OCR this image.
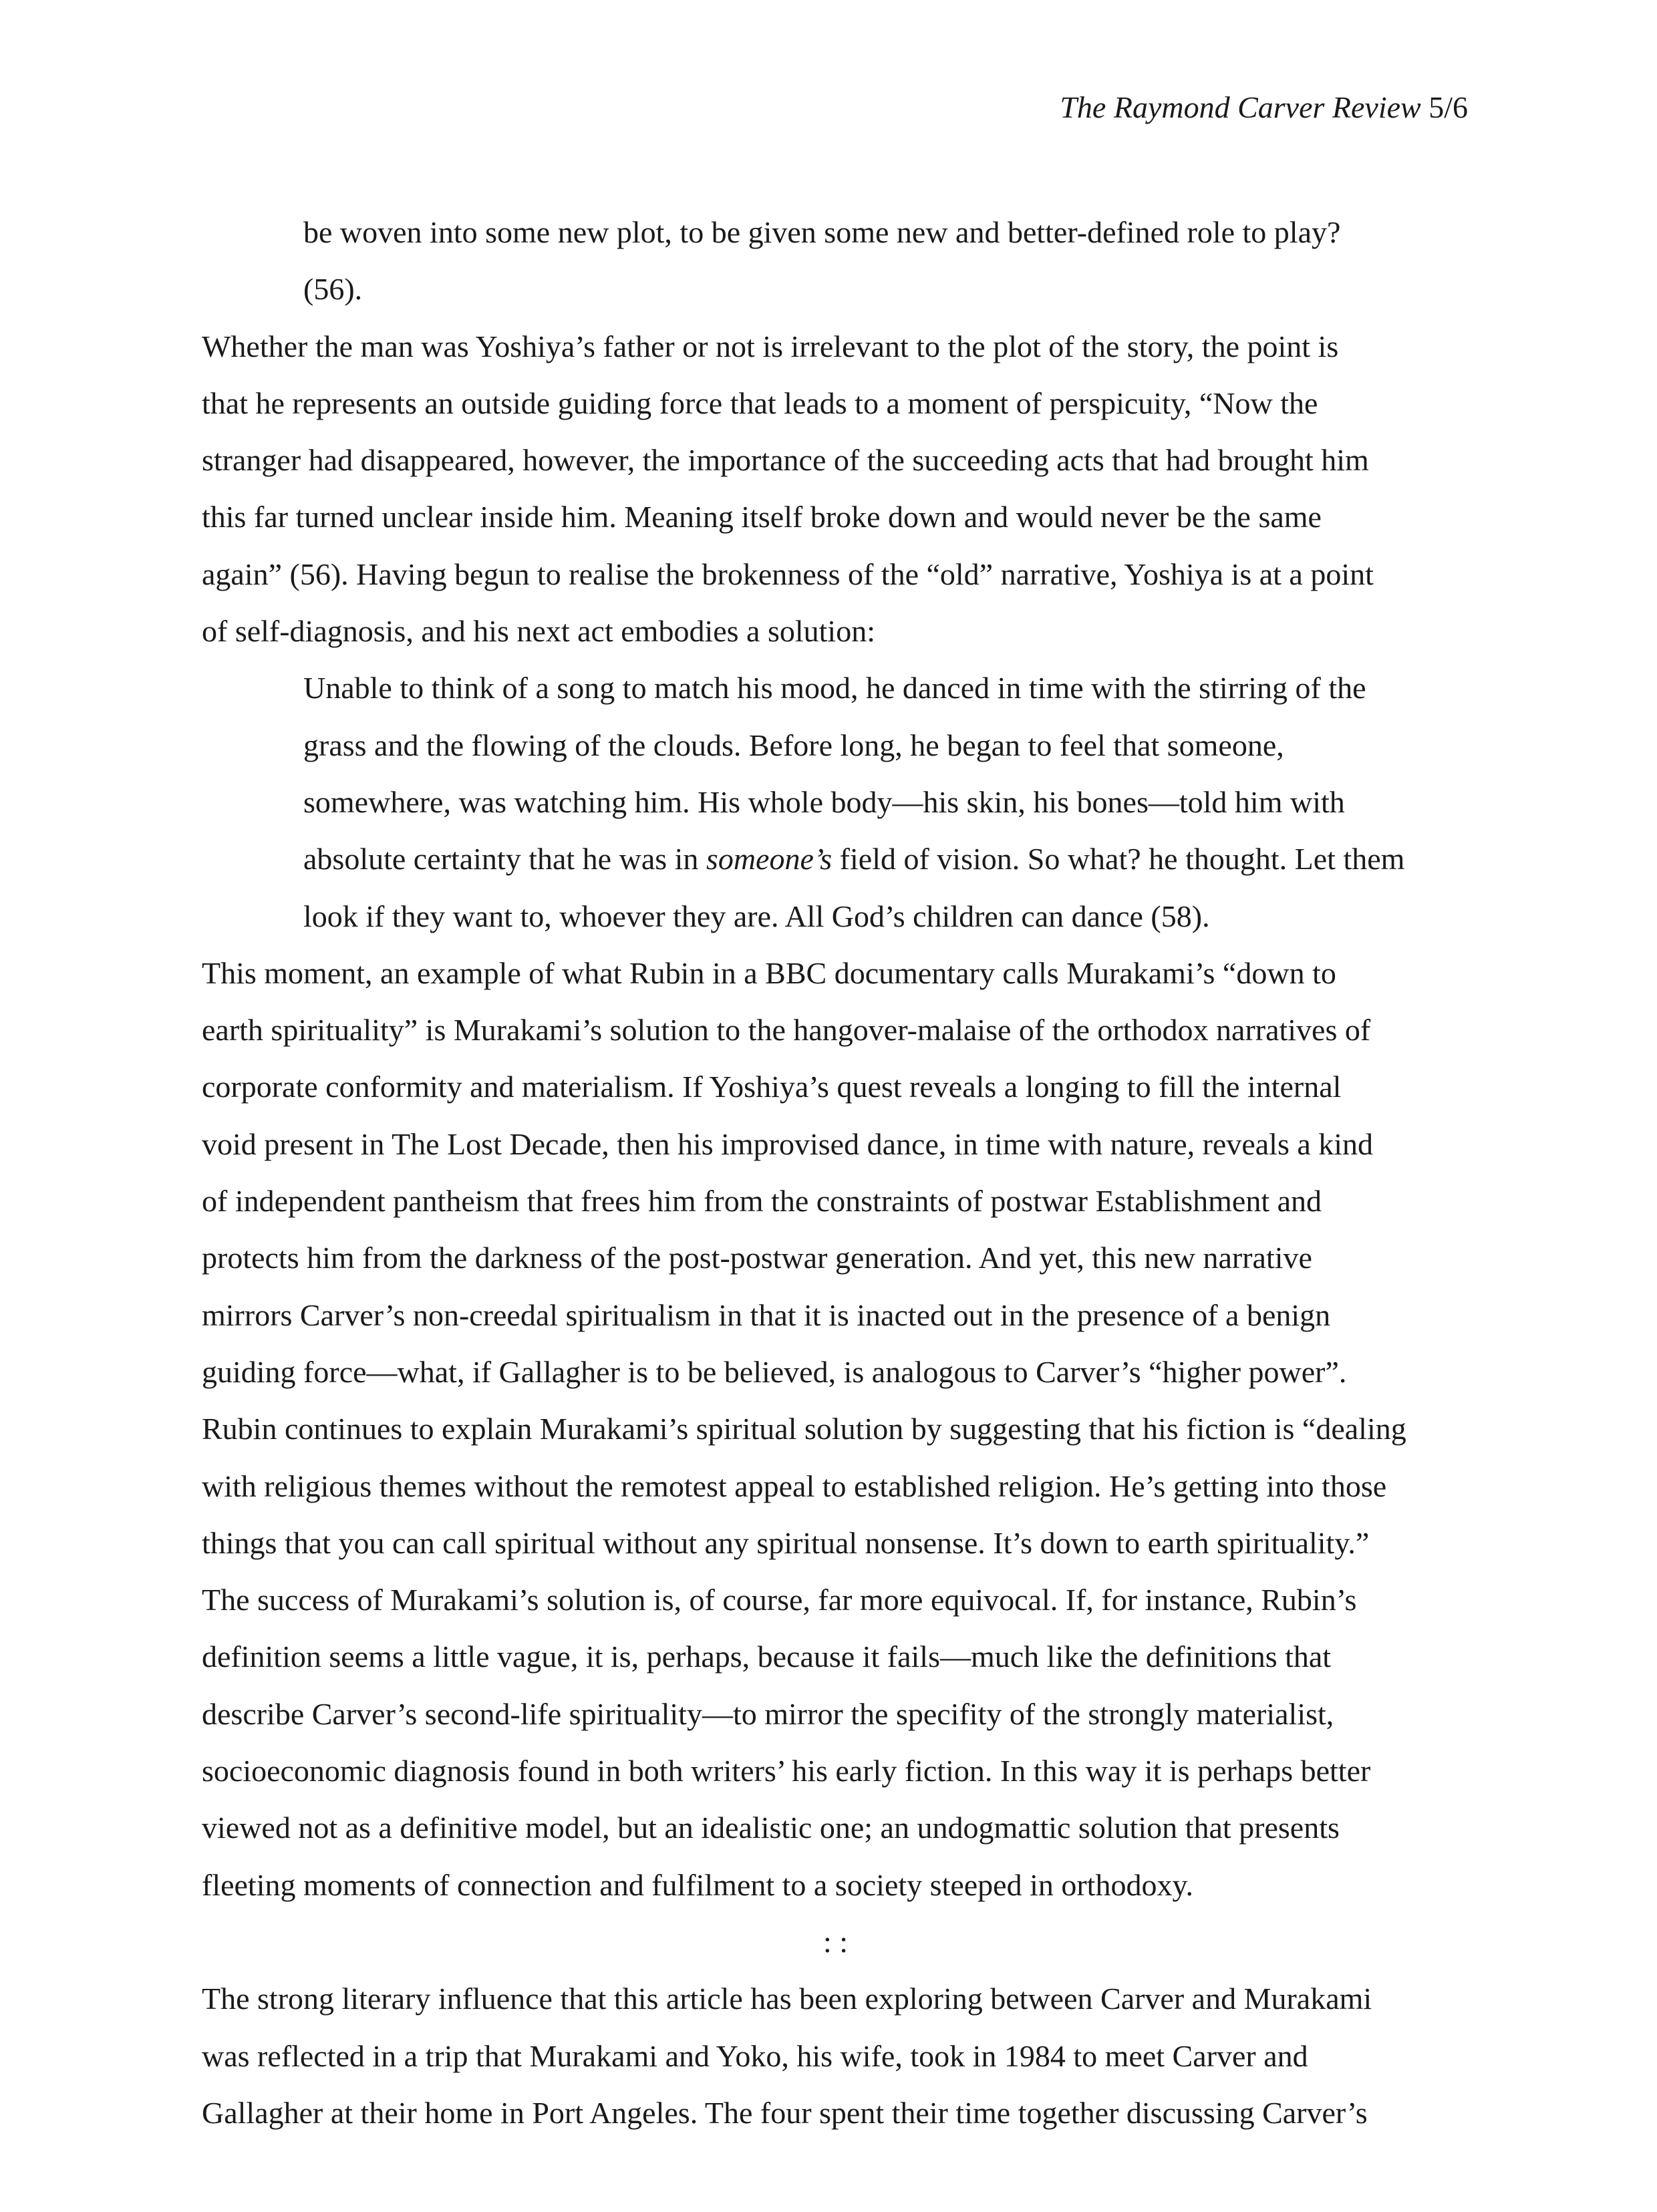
The Raymond Carver Review 5/6
be woven into some new plot, to be given some new and better-defined role to play?
(56).
Whether the man was Yoshiya’s father or not is irrelevant to the plot of the story, the point is
that he represents an outside guiding force that leads to a moment of perspicuity, “Now the
stranger had disappeared, however, the importance of the succeeding acts that had brought him
this far turned unclear inside him. Meaning itself broke down and would never be the same
again” (56). Having begun to realise the brokenness of the “old” narrative, Yoshiya is at a point
of self-diagnosis, and his next act embodies a solution:
Unable to think of a song to match his mood, he danced in time with the stirring of the
grass and the flowing of the clouds. Before long, he began to feel that someone,
somewhere, was watching him. His whole body—his skin, his bones—told him with
absolute certainty that he was in someone’s field of vision. So what? he thought. Let them
look if they want to, whoever they are. All God’s children can dance (58).
This moment, an example of what Rubin in a BBC documentary calls Murakami’s “down to
earth spirituality” is Murakami’s solution to the hangover-malaise of the orthodox narratives of
corporate conformity and materialism. If Yoshiya’s quest reveals a longing to fill the internal
void present in The Lost Decade, then his improvised dance, in time with nature, reveals a kind
of independent pantheism that frees him from the constraints of postwar Establishment and
protects him from the darkness of the post-postwar generation. And yet, this new narrative
mirrors Carver’s non-creedal spiritualism in that it is inacted out in the presence of a benign
guiding force—what, if Gallagher is to be believed, is analogous to Carver’s “higher power”.
Rubin continues to explain Murakami’s spiritual solution by suggesting that his fiction is “dealing
with religious themes without the remotest appeal to established religion. He’s getting into those
things that you can call spiritual without any spiritual nonsense. It’s down to earth spirituality.”
The success of Murakami’s solution is, of course, far more equivocal. If, for instance, Rubin’s
definition seems a little vague, it is, perhaps, because it fails—much like the definitions that
describe Carver’s second-life spirituality—to mirror the specifity of the strongly materialist,
socioeconomic diagnosis found in both writers’ his early fiction. In this way it is perhaps better
viewed not as a definitive model, but an idealistic one; an undogmattic solution that presents
fleeting moments of connection and fulfilment to a society steeped in orthodoxy.
: :
The strong literary influence that this article has been exploring between Carver and Murakami
was reflected in a trip that Murakami and Yoko, his wife, took in 1984 to meet Carver and
Gallagher at their home in Port Angeles. The four spent their time together discussing Carver’s
